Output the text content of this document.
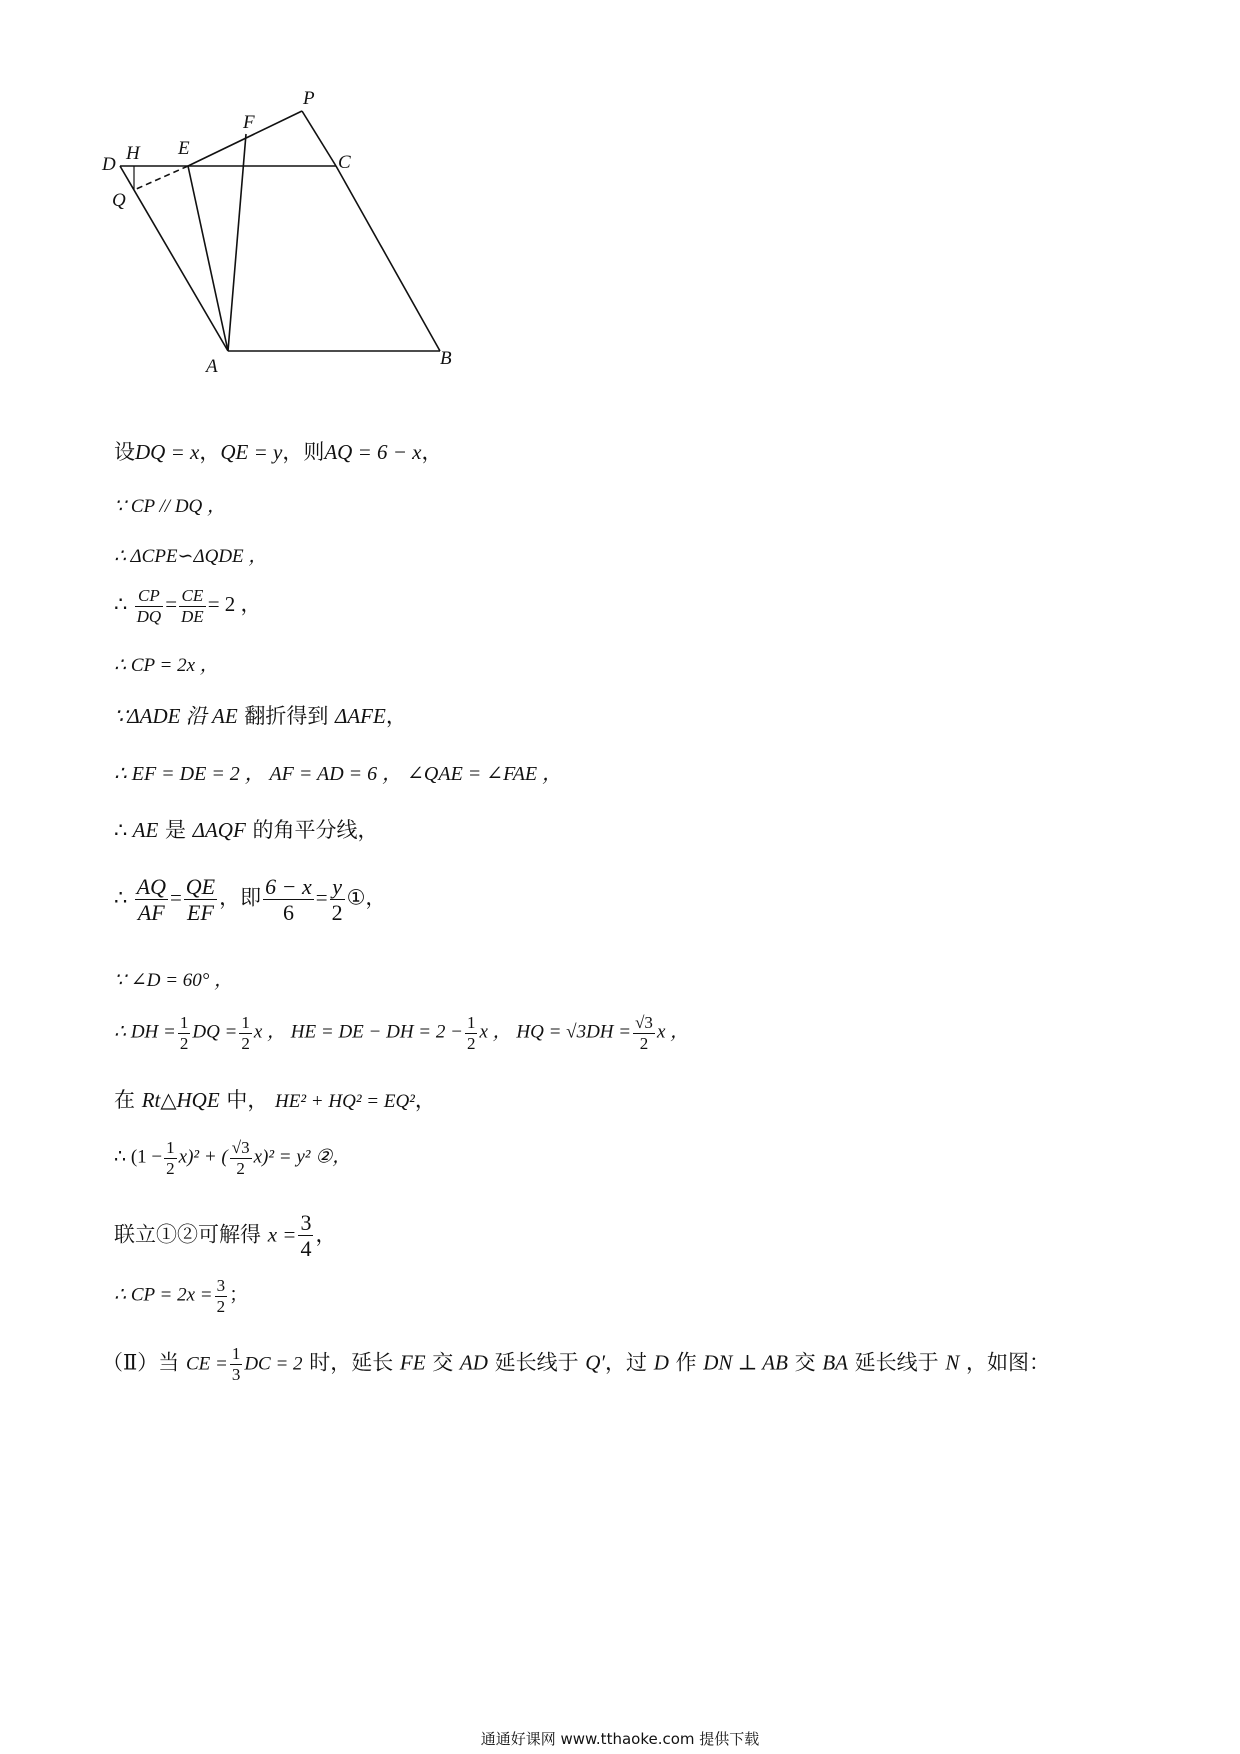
P
F
D
H E
C
Q
A	B
设DQ = x，QE = y，则AQ = 6 − x，
∵ CP // DQ ，
∴ ΔCPE∽ΔQDE ，
∴ $\frac{CP}{DQ} = \frac{CE}{DE} = 2$ ，
∴ CP = 2x ，
∵ΔADE 沿 AE 翻折得到 ΔAFE，
∴ EF = DE = 2 ， AF = AD = 6 ， ∠QAE = ∠FAE ，
∴ AE 是 ΔAQF 的角平分线，
∴ $\frac{AQ}{AF} = \frac{QE}{EF}$ ，即 $\frac{6 - x}{6} = \frac{y}{2}$ ①，
∵ ∠D = 60° ，
∴ DH = $\frac{1}{2}$ DQ = $\frac{1}{2}$ x ， HE = DE − DH = $2 - \frac{1}{2}$ x ， HQ = $√3DH = \frac{√3}{2}$ x ，
在 Rt△HQE 中， HE² + HQ² = EQ²，
∴ $(1 - \frac{1}{2} x)^2$ + ( $\frac{√3}{2} x)^2 = y^2$ ②，
联立①②可解得 $x = \frac{3}{4}$ ，
∴ CP = $2x = \frac{3}{2}$ ；
（Ⅱ）当 CE = $\frac{1}{3}$ DC = 2 时，延长 FE 交 AD 延长线于 Q′，过 D 作 DN ⊥ AB 交 BA 延长线于 N ，如图：
通通好课网 www.tthaoke.com 提供下载
